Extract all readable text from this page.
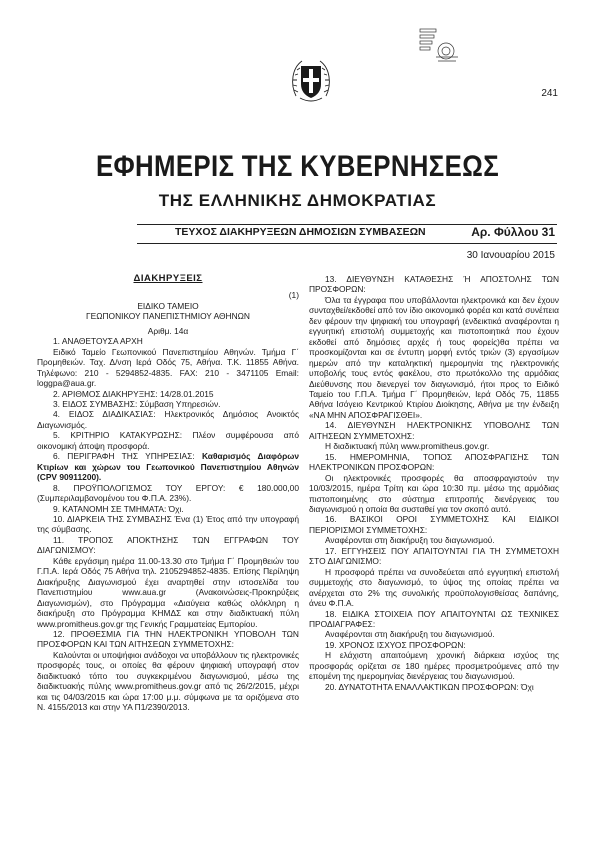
241
ΕΦΗΜΕΡΙΣ ΤΗΣ ΚΥΒΕΡΝΗΣΕΩΣ
ΤΗΣ ΕΛΛΗΝΙΚΗΣ ΔΗΜΟΚΡΑΤΙΑΣ
ΤΕΥΧΟΣ ΔΙΑΚΗΡΥΞΕΩΝ ΔΗΜΟΣΙΩΝ ΣΥΜΒΑΣΕΩΝ	Αρ. Φύλλου 31
30 Ιανουαρίου 2015
ΔΙΑΚΗΡΥΞΕΙΣ

(1)

ΕΙΔΙΚΟ ΤΑΜΕΙΟ

ΓΕΩΠΟΝΙΚΟΥ ΠΑΝΕΠΙΣΤΗΜΙΟΥ ΑΘΗΝΩΝ

Αριθμ. 14α

1. ΑΝΑΘΕΤΟΥΣΑ ΑΡΧΗ

Ειδικό Ταμείο Γεωπονικού Πανεπιστημίου Αθηνών. Τμήμα Γ΄ Προμηθειών. Ταχ. Δ/νση Ιερά Οδός 75, Αθήνα. Τ.Κ. 11855 Αθήνα. Τηλέφωνο: 210 - 5294852-4835. FAX: 210 - 3471105 Email: loggpa@aua.gr.

2. ΑΡΙΘΜΟΣ ΔΙΑΚΗΡΥΞΗΣ: 14/28.01.2015

3. ΕΙΔΟΣ ΣΥΜΒΑΣΗΣ: Σύμβαση Υπηρεσιών.

4. ΕΙΔΟΣ ΔΙΑΔΙΚΑΣΙΑΣ: Ηλεκτρονικός Δημόσιος Ανοικτός Διαγωνισμός.

5. ΚΡΙΤΗΡΙΟ ΚΑΤΑΚΥΡΩΣΗΣ: Πλέον συμφέρουσα από οικονομική άποψη προσφορά.

6. ΠΕΡΙΓΡΑΦΗ ΤΗΣ ΥΠΗΡΕΣΙΑΣ: Καθαρισμός Διαφόρων Κτιρίων και χώρων του Γεωπονικού Πανεπιστημίου Αθηνών (CPV 90911200).

8. ΠΡΟΫΠΟΛΟΓΙΣΜΟΣ ΤΟΥ ΕΡΓΟΥ: € 180.000,00 (Συμπεριλαμβανομένου του Φ.Π.Α. 23%).

9. ΚΑΤΑΝΟΜΗ ΣΕ ΤΜΗΜΑΤΑ: Όχι.

10. ΔΙΑΡΚΕΙΑ ΤΗΣ ΣΥΜΒΑΣΗΣ Ένα (1) Έτος από την υπογραφή της σύμβασης.

11. ΤΡΟΠΟΣ ΑΠΟΚΤΗΣΗΣ ΤΩΝ ΕΓΓΡΑΦΩΝ ΤΟΥ ΔΙΑΓΩΝΙΣΜΟΥ:

Κάθε εργάσιμη ημέρα 11.00-13.30 στο Τμήμα Γ΄ Προμηθειών του Γ.Π.Α. Ιερά Οδός 75 Αθήνα τηλ. 2105294852-4835. Επίσης Περίληψη Διακήρυξης Διαγωνισμού έχει αναρτηθεί στην ιστοσελίδα του Πανεπιστημίου www.aua.gr (Ανακοινώσεις-Προκηρύξεις Διαγωνισμών), στο Πρόγραμμα «Διαύγεια καθώς ολόκληρη η διακήρυξη στο Πρόγραμμα ΚΗΜΔΣ και στην διαδικτυακή πύλη www.promitheus.gov.gr της Γενικής Γραμματείας Εμπορίου.

12. ΠΡΟΘΕΣΜΙΑ ΓΙΑ ΤΗΝ ΗΛΕΚΤΡΟΝΙΚΗ ΥΠΟΒΟΛΗ ΤΩΝ ΠΡΟΣΦΟΡΩΝ ΚΑΙ ΤΩΝ ΑΙΤΗΣΕΩΝ ΣΥΜΜΕΤΟΧΗΣ:

Καλούνται οι υποψήφιοι ανάδοχοι να υποβάλλουν τις ηλεκτρονικές προσφορές τους, οι οποίες θα φέρουν ψηφιακή υπογραφή στον διαδικτυακό τόπο του συγκεκριμένου διαγωνισμού, μέσω της διαδικτυακής πύλης www.promitheus.gov.gr από τις 26/2/2015, μέχρι και τις 04/03/2015 και ώρα 17:00 μ.μ. σύμφωνα με τα οριζόμενα στο Ν. 4155/2013 και στην ΥΑ Π1/2390/2013.

13. ΔΙΕΥΘΥΝΣΗ ΚΑΤΑΘΕΣΗΣ Ή ΑΠΟΣΤΟΛΗΣ ΤΩΝ ΠΡΟΣΦΟΡΩΝ:

Όλα τα έγγραφα που υποβάλλονται ηλεκτρονικά και δεν έχουν συνταχθεί/εκδοθεί από τον ίδιο οικονομικό φορέα και κατά συνέπεια δεν φέρουν την ψηφιακή του υπογραφή (ενδεικτικά αναφέρονται η εγγυητική επιστολή συμμετοχής και πιστοποιητικά που έχουν εκδοθεί από δημόσιες αρχές ή τους φορείς)θα πρέπει να προσκομίζονται και σε έντυπη μορφή εντός τριών (3) εργασίμων ημερών από την καταληκτική ημερομηνία της ηλεκτρονικής υποβολής τους εντός φακέλου, στο πρωτόκολλο της αρμόδιας Διεύθυνσης που διενεργεί τον διαγωνισμό, ήτοι προς το Ειδικό Ταμείο του Γ.Π.Α. Τμήμα Γ΄ Προμηθειών, Ιερά Οδός 75, 11855 Αθήνα Ισόγειο Κεντρικού Κτιρίου Διοίκησης, Αθήνα με την ένδειξη «ΝΑ ΜΗΝ ΑΠΟΣΦΡΑΓΙΣΘΕΙ».

14. ΔΙΕΥΘΥΝΣΗ ΗΛΕΚΤΡΟΝΙΚΗΣ ΥΠΟΒΟΛΗΣ ΤΩΝ ΑΙΤΗΣΕΩΝ ΣΥΜΜΕΤΟΧΗΣ:

Η διαδικτυακή πύλη www.promitheus.gov.gr.

15. ΗΜΕΡΟΜΗΝΙΑ, ΤΟΠΟΣ ΑΠΟΣΦΡΑΓΙΣΗΣ ΤΩΝ ΗΛΕΚΤΡΟΝΙΚΩΝ ΠΡΟΣΦΟΡΩΝ:

Οι ηλεκτρονικές προσφορές θα αποσφραγιστούν την 10/03/2015, ημέρα Τρίτη και ώρα 10:30 πμ. μέσω της αρμόδιας πιστοποιημένης στο σύστημα επιτροπής διενέργειας του διαγωνισμού η οποία θα συσταθεί για τον σκοπό αυτό.

16. ΒΑΣΙΚΟΙ ΟΡΟΙ ΣΥΜΜΕΤΟΧΗΣ ΚΑΙ ΕΙΔΙΚΟΙ ΠΕΡΙΟΡΙΣΜΟΙ ΣΥΜΜΕΤΟΧΗΣ:

Αναφέρονται στη διακήρυξη του διαγωνισμού.

17. ΕΓΓΥΗΣΕΙΣ ΠΟΥ ΑΠΑΙΤΟΥΝΤΑΙ ΓΙΑ ΤΗ ΣΥΜΜΕΤΟΧΗ ΣΤΟ ΔΙΑΓΩΝΙΣΜΟ:

Η προσφορά πρέπει να συνοδεύεται από εγγυητική επιστολή συμμετοχής στο διαγωνισμό, το ύψος της οποίας πρέπει να ανέρχεται στο 2% της συνολικής προϋπολογισθείσας δαπάνης, άνευ Φ.Π.Α.

18. ΕΙΔΙΚΑ ΣΤΟΙΧΕΙΑ ΠΟΥ ΑΠΑΙΤΟΥΝΤΑΙ ΩΣ ΤΕΧΝΙΚΕΣ ΠΡΟΔΙΑΓΡΑΦΕΣ:

Αναφέρονται στη διακήρυξη του διαγωνισμού.

19. ΧΡΟΝΟΣ ΙΣΧΥΟΣ ΠΡΟΣΦΟΡΩΝ:

Η ελάχιστη απαιτούμενη χρονική διάρκεια ισχύος της προσφοράς ορίζεται σε 180 ημέρες προσμετρούμενες από την επομένη της ημερομηνίας διενέργειας του διαγωνισμού.

20. ΔΥΝΑΤΟΤΗΤΑ ΕΝΑΛΛΑΚΤΙΚΩΝ ΠΡΟΣΦΟΡΩΝ: Όχι
